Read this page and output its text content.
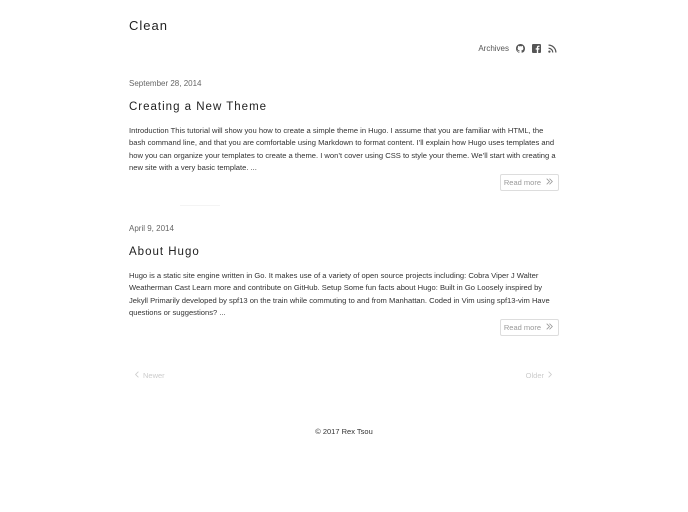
Clean
Archives
September 28, 2014
Creating a New Theme
Introduction This tutorial will show you how to create a simple theme in Hugo. I assume that you are familiar with HTML, the bash command line, and that you are comfortable using Markdown to format content. I’ll explain how Hugo uses templates and how you can organize your templates to create a theme. I won’t cover using CSS to style your theme. We’ll start with creating a new site with a very basic template. ...
Read more
April 9, 2014
About Hugo
Hugo is a static site engine written in Go. It makes use of a variety of open source projects including: Cobra Viper J Walter Weatherman Cast Learn more and contribute on GitHub. Setup Some fun facts about Hugo: Built in Go Loosely inspired by Jekyll Primarily developed by spf13 on the train while commuting to and from Manhattan. Coded in Vim using spf13-vim Have questions or suggestions? ...
Read more
Newer	Older
© 2017 Rex Tsou
